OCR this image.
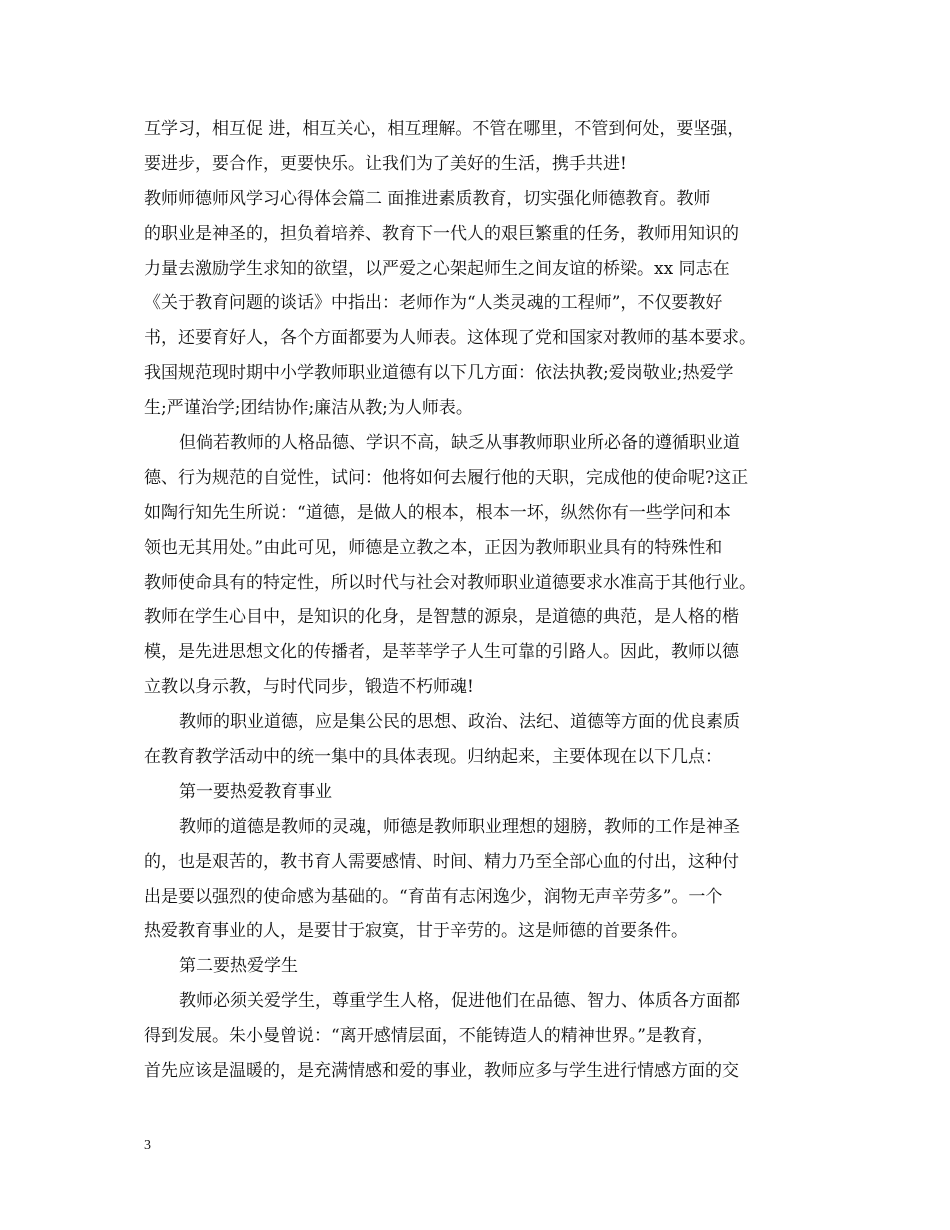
互学习，相互促 进，相互关心，相互理解。不管在哪里，不管到何处，要坚强，
要进步，要合作，更要快乐。让我们为了美好的生活，携手共进!
教师师德师风学习心得体会篇二 面推进素质教育，切实强化师德教育。教师
的职业是神圣的，担负着培养、教育下一代人的艰巨繁重的任务，教师用知识的
力量去激励学生求知的欲望，以严爱之心架起师生之间友谊的桥梁。xx 同志在
《关于教育问题的谈话》中指出：老师作为“人类灵魂的工程师”，不仅要教好
书，还要育好人，各个方面都要为人师表。这体现了党和国家对教师的基本要求。
我国规范现时期中小学教师职业道德有以下几方面：依法执教;爱岗敬业;热爱学
生;严谨治学;团结协作;廉洁从教;为人师表。
但倘若教师的人格品德、学识不高，缺乏从事教师职业所必备的遵循职业道
德、行为规范的自觉性，试问：他将如何去履行他的天职，完成他的使命呢?这正
如陶行知先生所说：“道德，是做人的根本，根本一坏，纵然你有一些学问和本
领也无其用处。”由此可见，师德是立教之本，正因为教师职业具有的特殊性和
教师使命具有的特定性，所以时代与社会对教师职业道德要求水准高于其他行业。
教师在学生心目中，是知识的化身，是智慧的源泉，是道德的典范，是人格的楷
模，是先进思想文化的传播者，是莘莘学子人生可靠的引路人。因此，教师以德
立教以身示教，与时代同步，锻造不朽师魂!
教师的职业道德，应是集公民的思想、政治、法纪、道德等方面的优良素质
在教育教学活动中的统一集中的具体表现。归纳起来，主要体现在以下几点：
第一要热爱教育事业
教师的道德是教师的灵魂，师德是教师职业理想的翅膀，教师的工作是神圣
的，也是艰苦的，教书育人需要感情、时间、精力乃至全部心血的付出，这种付
出是要以强烈的使命感为基础的。“育苗有志闲逸少，润物无声辛劳多”。一个
热爱教育事业的人，是要甘于寂寞，甘于辛劳的。这是师德的首要条件。
第二要热爱学生
教师必须关爱学生，尊重学生人格，促进他们在品德、智力、体质各方面都
得到发展。朱小曼曾说：“离开感情层面，不能铸造人的精神世界。”是教育，
首先应该是温暖的，是充满情感和爱的事业，教师应多与学生进行情感方面的交
3
